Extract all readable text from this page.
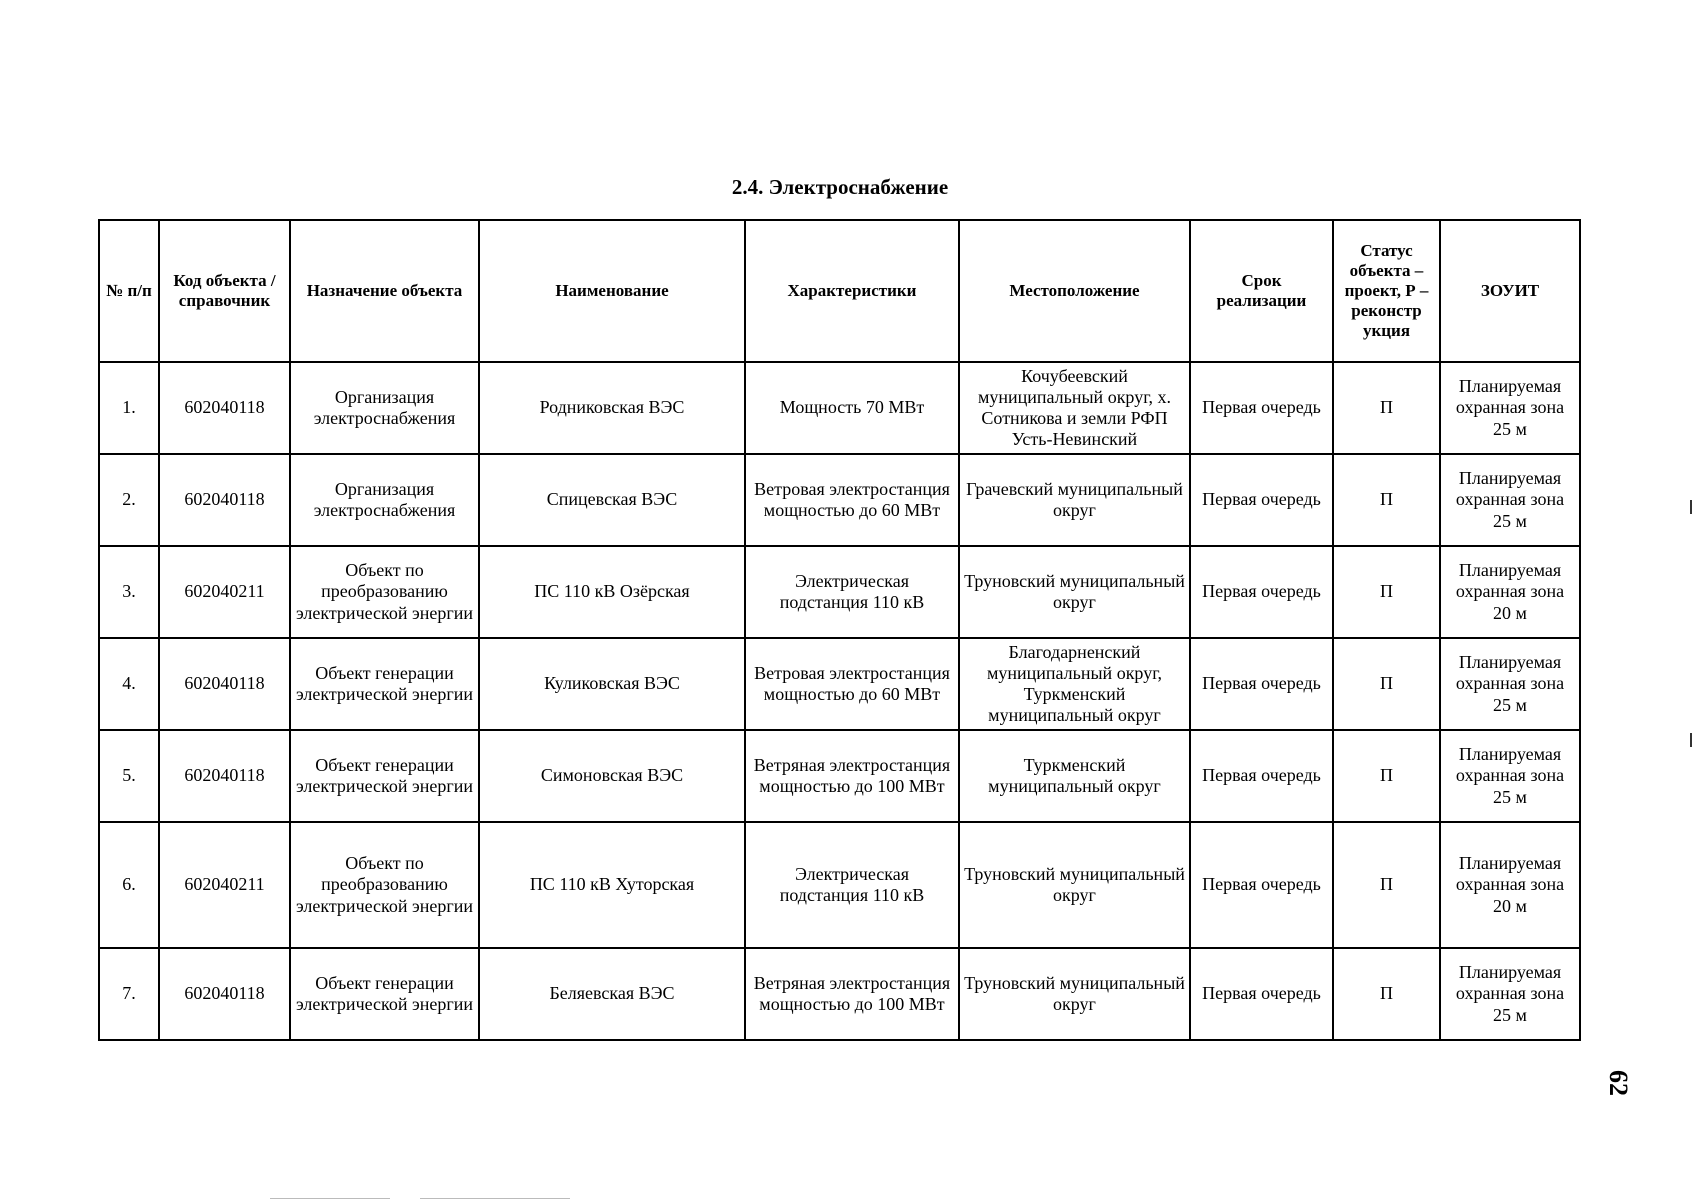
2.4. Электроснабжение
№ п/п	Код объекта / справочник	Назначение объекта	Наименование	Характеристики	Местоположение	Срок реализации	Статус объекта – проект, Р – реконстр укция	ЗОУИТ
1.	602040118	Организация электроснабжения	Родниковская ВЭС	Мощность 70 МВт	Кочубеевский муниципальный округ, х. Сотникова и земли РФП Усть-Невинский	Первая очередь	П	Планируемая охранная зона 25 м
2.	602040118	Организация электроснабжения	Спицевская ВЭС	Ветровая электростанция мощностью до 60 МВт	Грачевский муниципальный округ	Первая очередь	П	Планируемая охранная зона 25 м
3.	602040211	Объект по преобразованию электрической энергии	ПС 110 кВ Озёрская	Электрическая подстанция 110 кВ	Труновский муниципальный округ	Первая очередь	П	Планируемая охранная зона 20 м
4.	602040118	Объект генерации электрической энергии	Куликовская ВЭС	Ветровая электростанция мощностью до 60 МВт	Благодарненский муниципальный округ, Туркменский муниципальный округ	Первая очередь	П	Планируемая охранная зона 25 м
5.	602040118	Объект генерации электрической энергии	Симоновская ВЭС	Ветряная электростанция мощностью до 100 МВт	Туркменский муниципальный округ	Первая очередь	П	Планируемая охранная зона 25 м
6.	602040211	Объект по преобразованию электрической энергии	ПС 110 кВ Хуторская	Электрическая подстанция 110 кВ	Труновский муниципальный округ	Первая очередь	П	Планируемая охранная зона 20 м
7.	602040118	Объект генерации электрической энергии	Беляевская ВЭС	Ветряная электростанция мощностью до 100 МВт	Труновский муниципальный округ	Первая очередь	П	Планируемая охранная зона 25 м
62
